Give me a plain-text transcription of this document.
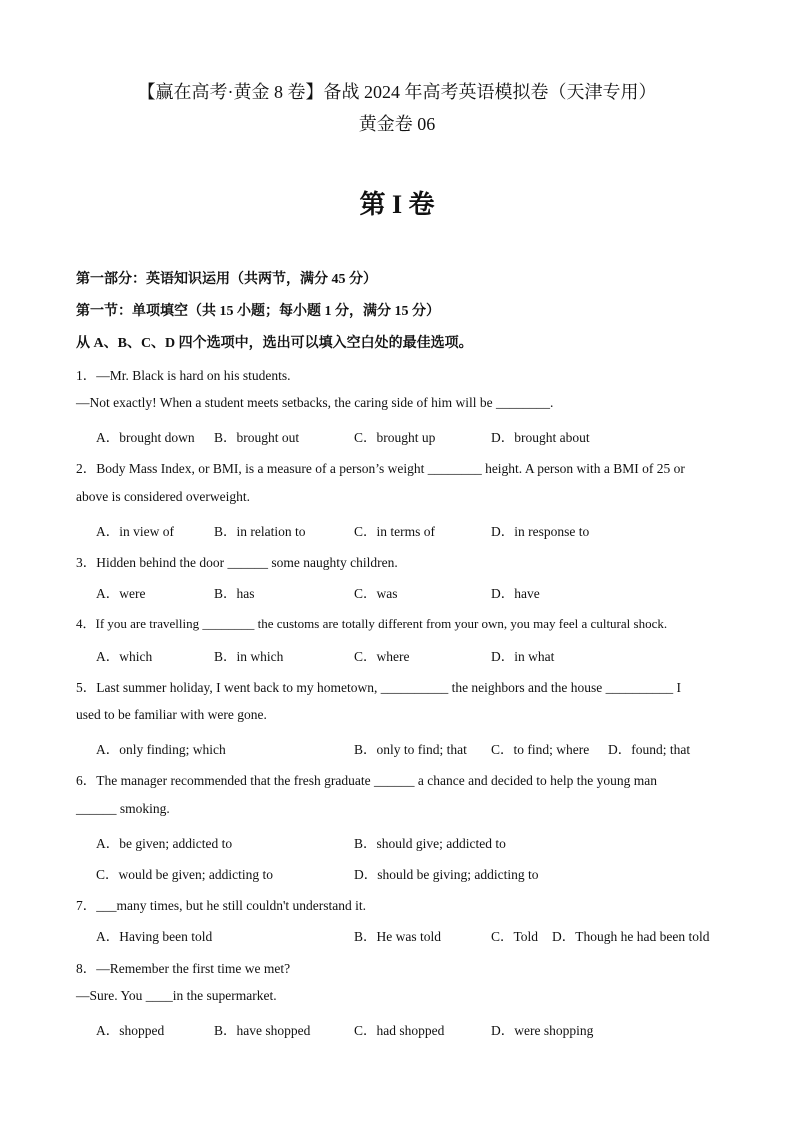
【赢在高考·黄金 8 卷】备战 2024 年高考英语模拟卷（天津专用）
黄金卷 06
第 I 卷
第一部分：英语知识运用（共两节，满分 45 分）
第一节：单项填空（共 15 小题；每小题 1 分，满分 15 分）
从 A、B、C、D 四个选项中，选出可以填入空白处的最佳选项。
1．—Mr. Black is hard on his students.
—Not exactly! When a student meets setbacks, the caring side of him will be ________.
A．brought down B．brought out	C．brought up	D．brought about
2．Body Mass Index, or BMI, is a measure of a person’s weight ________ height. A person with a BMI of 25 or
above is considered overweight.
A．in view of	B．in relation to	C．in terms of	D．in response to
3．Hidden behind the door ______ some naughty children.
A．were	B．has	C．was	D．have
4．If you are travelling ________ the customs are totally different from your own, you may feel a cultural shock.
A．which	B．in which	C．where	D．in what
5．Last summer holiday, I went back to my hometown, __________ the neighbors and the house __________ I
used to be familiar with were gone.
A．only finding; which	B．only to find; that C．to find; where D．found; that
6．The manager recommended that the fresh graduate ______ a chance and decided to help the young man
______ smoking.
A．be given; addicted to	B．should give; addicted to
C．would be given; addicting to	D．should be giving; addicting to
7．___many times, but he still couldn't understand it.
A．Having been told	B．He was told	C．Told D．Though he had been told
8．—Remember the first time we met?
—Sure. You ____in the supermarket.
A．shopped	B．have shopped	C．had shopped	D．were shopping
